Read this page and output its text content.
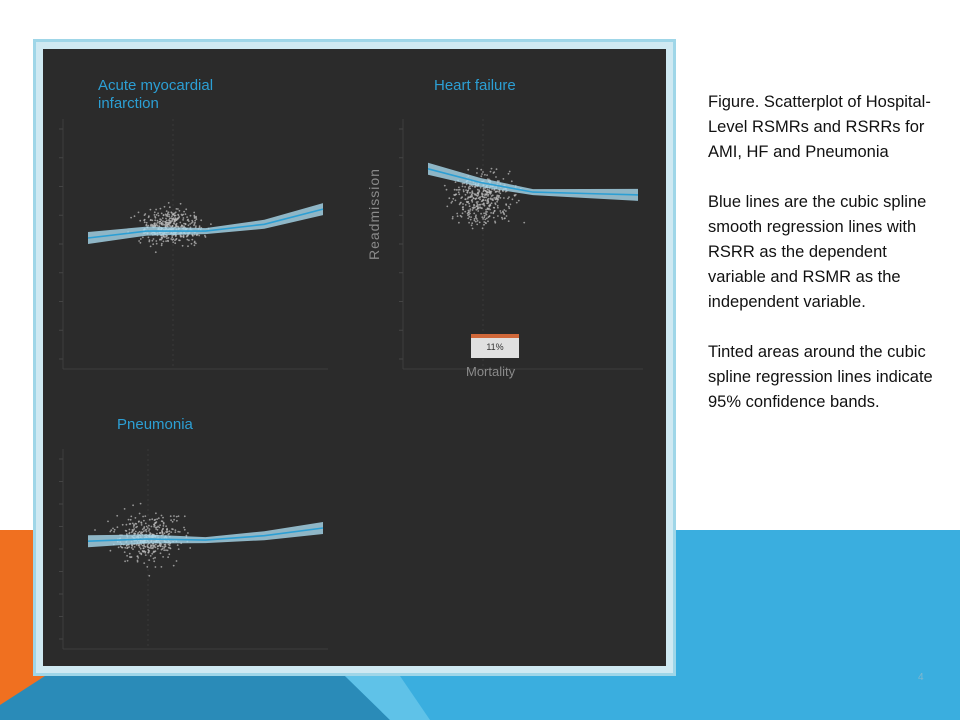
Acute myocardial infarction
Heart failure
Pneumonia
Readmission
11%
Mortality

Figure. Scatterplot of Hospital-Level RSMRs and RSRRs for AMI, HF and Pneumonia

Blue lines are the cubic spline smooth regression lines with RSRR as the dependent variable and RSMR as the independent variable.

Tinted areas around the cubic spline regression lines indicate 95% confidence bands.

4
